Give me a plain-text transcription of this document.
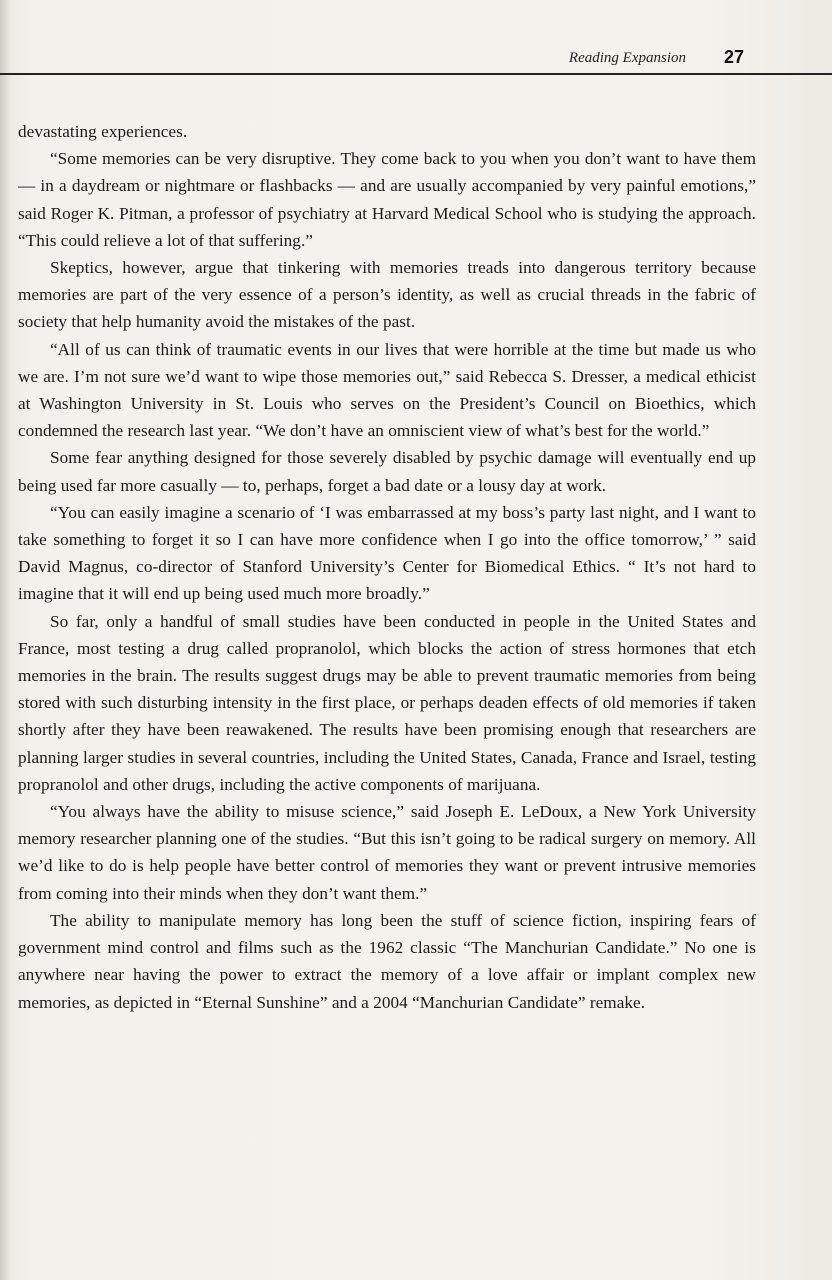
Reading Expansion 27

devastating experiences.

“Some memories can be very disruptive. They come back to you when you don’t want to have them — in a daydream or nightmare or flashbacks — and are usually accompanied by very painful emotions,” said Roger K. Pitman, a professor of psychiatry at Harvard Medical School who is studying the approach. “This could relieve a lot of that suffering.”

Skeptics, however, argue that tinkering with memories treads into dangerous territory because memories are part of the very essence of a person’s identity, as well as crucial threads in the fabric of society that help humanity avoid the mistakes of the past.

“All of us can think of traumatic events in our lives that were horrible at the time but made us who we are. I’m not sure we’d want to wipe those memories out,” said Rebecca S. Dresser, a medical ethicist at Washington University in St. Louis who serves on the President’s Council on Bioethics, which condemned the research last year. “We don’t have an omniscient view of what’s best for the world.”

Some fear anything designed for those severely disabled by psychic damage will eventually end up being used far more casually — to, perhaps, forget a bad date or a lousy day at work.

“You can easily imagine a scenario of ‘I was embarrassed at my boss’s party last night, and I want to take something to forget it so I can have more confidence when I go into the office tomorrow,’ ” said David Magnus, co-director of Stanford University’s Center for Biomedical Ethics. “ It’s not hard to imagine that it will end up being used much more broadly.”

So far, only a handful of small studies have been conducted in people in the United States and France, most testing a drug called propranolol, which blocks the action of stress hormones that etch memories in the brain. The results suggest drugs may be able to prevent traumatic memories from being stored with such disturbing intensity in the first place, or perhaps deaden effects of old memories if taken shortly after they have been reawakened. The results have been promising enough that researchers are planning larger studies in several countries, including the United States, Canada, France and Israel, testing propranolol and other drugs, including the active components of marijuana.

“You always have the ability to misuse science,” said Joseph E. LeDoux, a New York University memory researcher planning one of the studies. “But this isn’t going to be radical surgery on memory. All we’d like to do is help people have better control of memories they want or prevent intrusive memories from coming into their minds when they don’t want them.”

The ability to manipulate memory has long been the stuff of science fiction, inspiring fears of government mind control and films such as the 1962 classic “The Manchurian Candidate.” No one is anywhere near having the power to extract the memory of a love affair or implant complex new memories, as depicted in “Eternal Sunshine” and a 2004 “Manchurian Candidate” remake.
